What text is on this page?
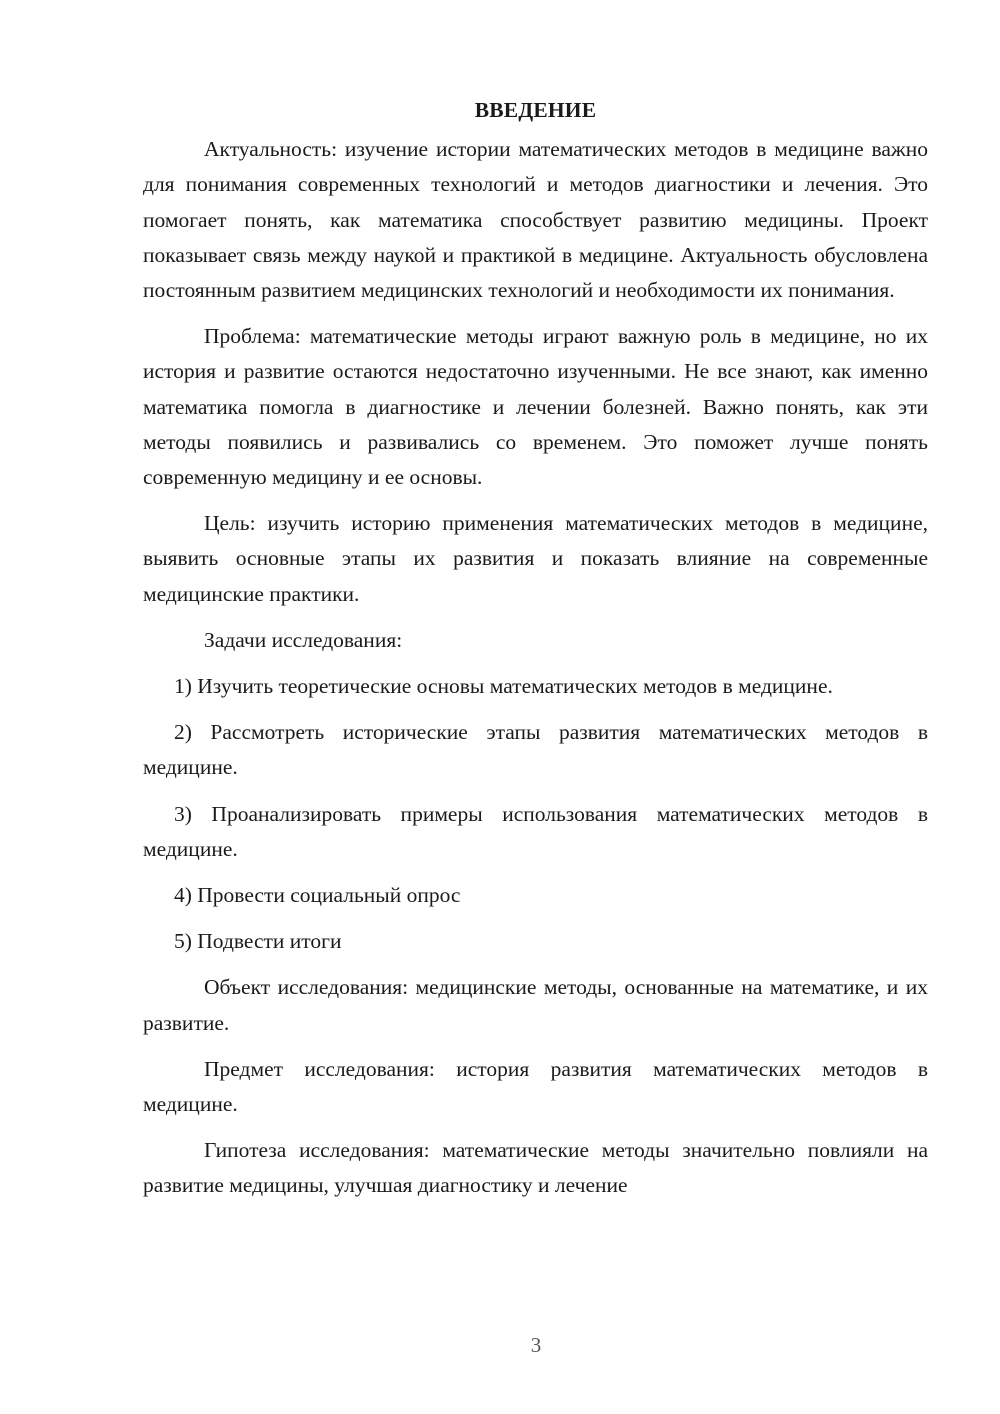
ВВЕДЕНИЕ

Актуальность: изучение истории математических методов в медицине важно для понимания современных технологий и методов диагностики и лечения. Это помогает понять, как математика способствует развитию медицины. Проект показывает связь между наукой и практикой в медицине. Актуальность обусловлена постоянным развитием медицинских технологий и необходимости их понимания.

Проблема: математические методы играют важную роль в медицине, но их история и развитие остаются недостаточно изученными. Не все знают, как именно математика помогла в диагностике и лечении болезней. Важно понять, как эти методы появились и развивались со временем. Это поможет лучше понять современную медицину и ее основы.

Цель: изучить историю применения математических методов в медицине, выявить основные этапы их развития и показать влияние на современные медицинские практики.

Задачи исследования:

1) Изучить теоретические основы математических методов в медицине.

2) Рассмотреть исторические этапы развития математических методов в медицине.

3) Проанализировать примеры использования математических методов в медицине.

4) Провести социальный опрос

5) Подвести итоги

Объект исследования: медицинские методы, основанные на математике, и их развитие.

Предмет исследования: история развития математических методов в медицине.

Гипотеза исследования: математические методы значительно повлияли на развитие медицины, улучшая диагностику и лечение

3
